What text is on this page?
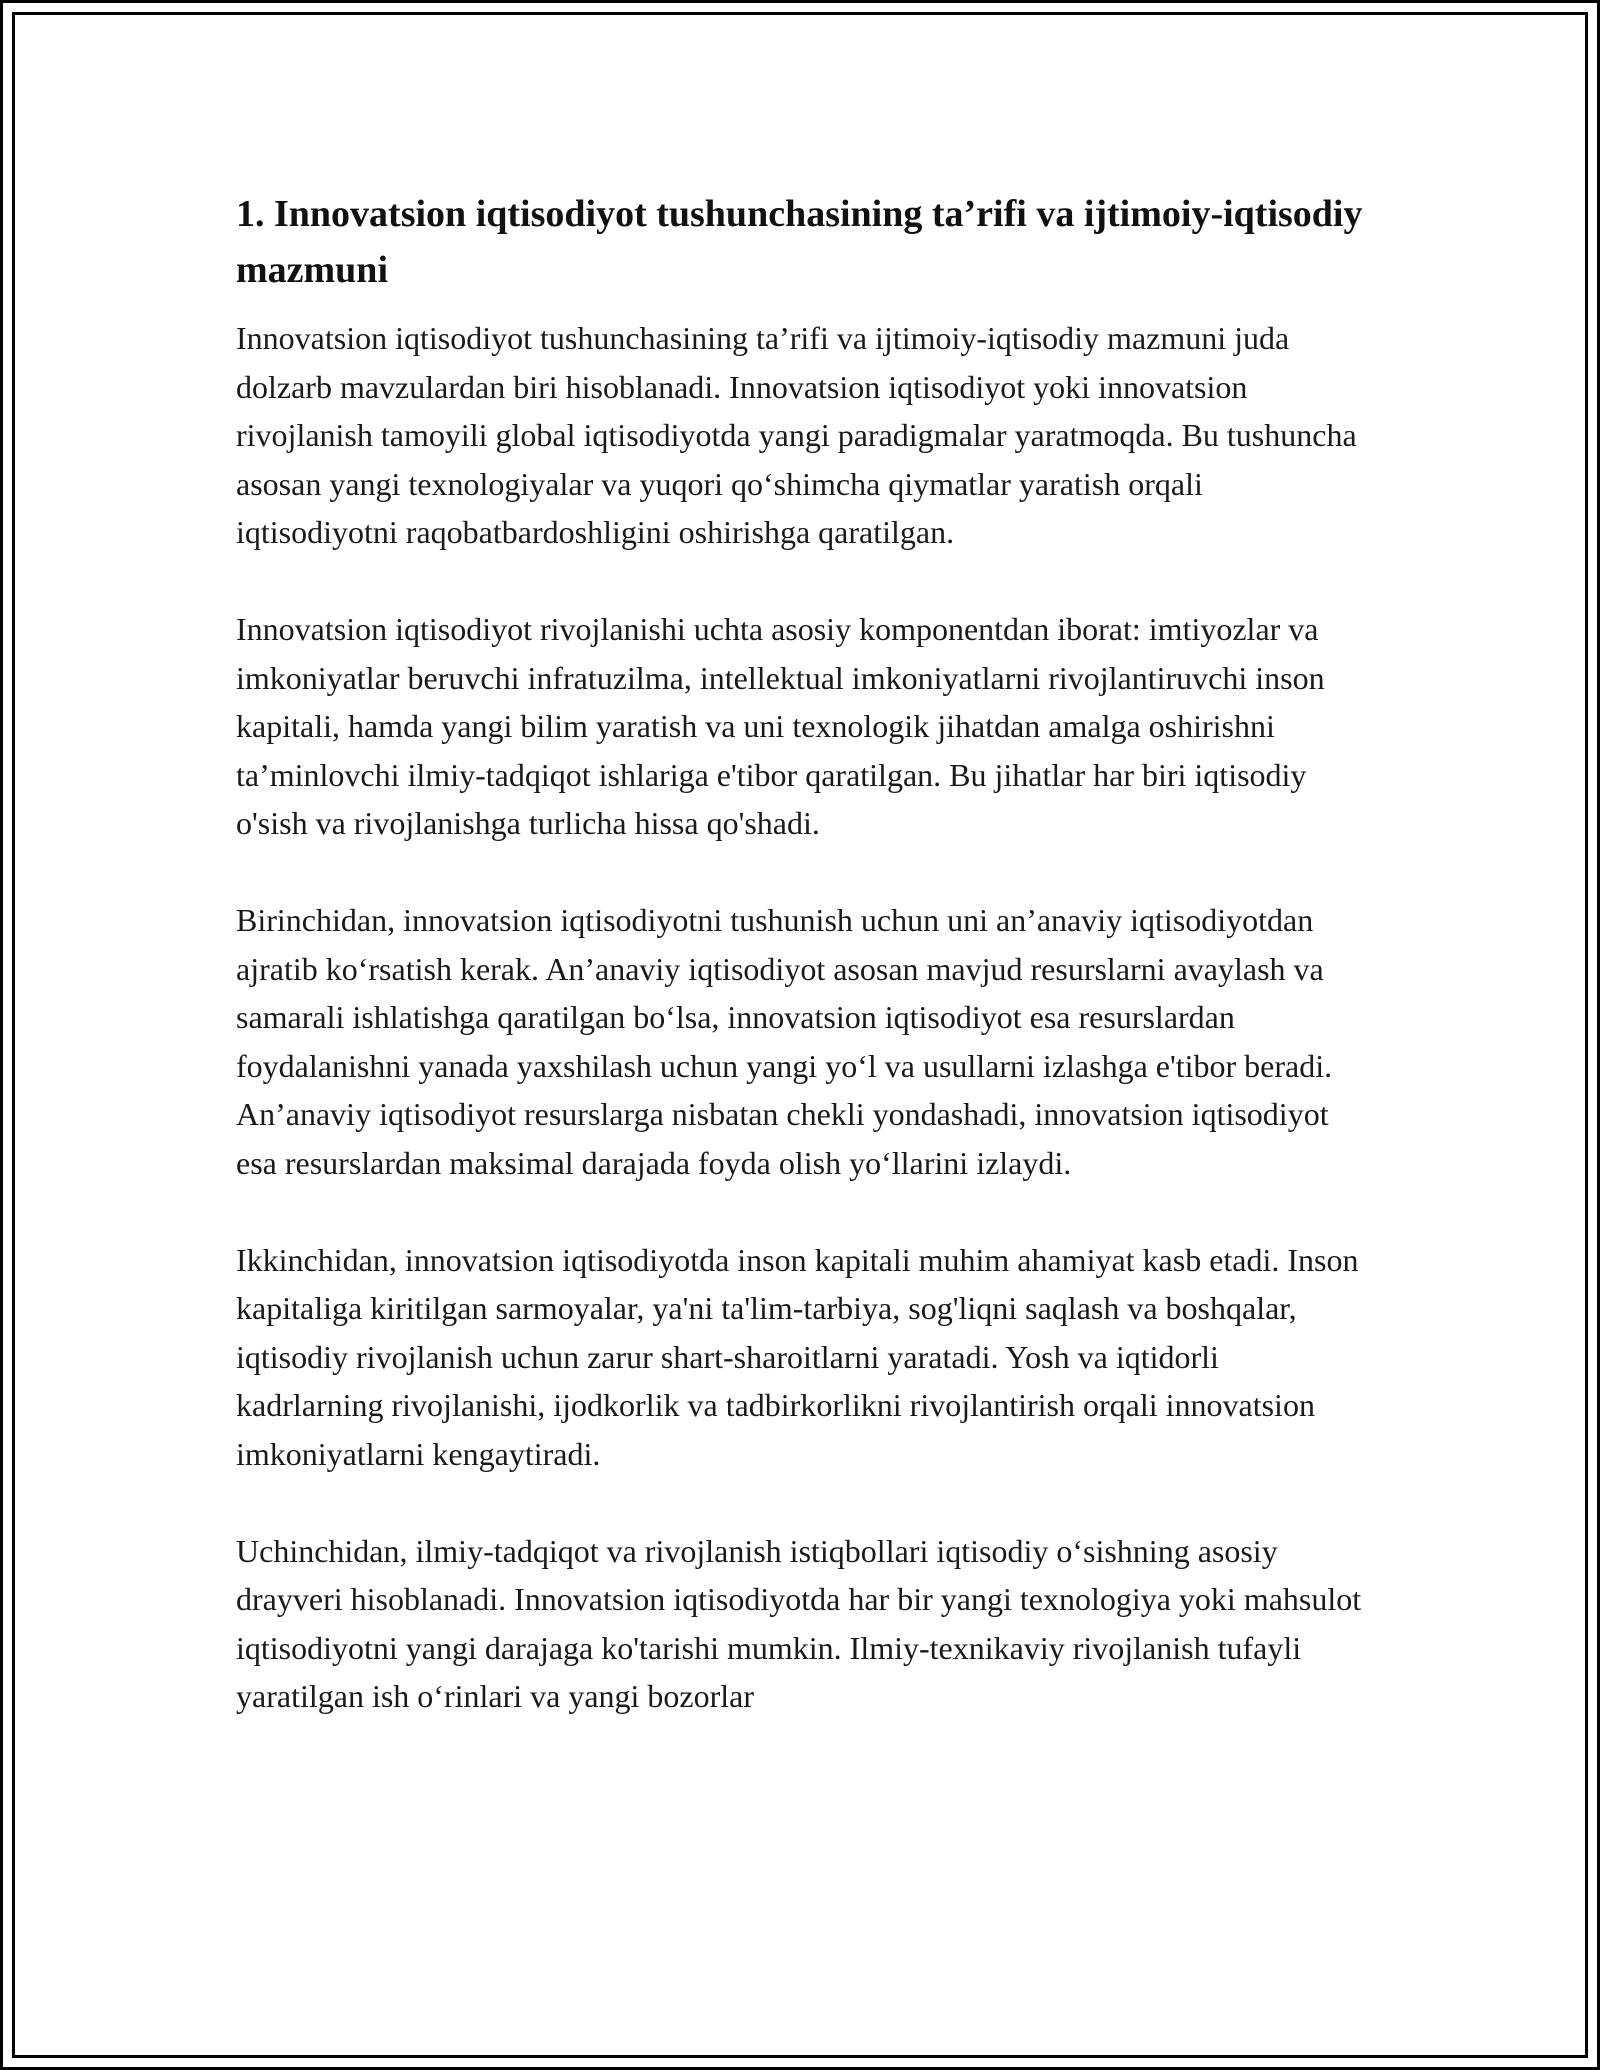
1. Innovatsion iqtisodiyot tushunchasining ta’rifi va ijtimoiy-iqtisodiy mazmuni

Innovatsion iqtisodiyot tushunchasining ta’rifi va ijtimoiy-iqtisodiy mazmuni juda dolzarb mavzulardan biri hisoblanadi. Innovatsion iqtisodiyot yoki innovatsion rivojlanish tamoyili global iqtisodiyotda yangi paradigmalar yaratmoqda. Bu tushuncha asosan yangi texnologiyalar va yuqori qo‘shimcha qiymatlar yaratish orqali iqtisodiyotni raqobatbardoshligini oshirishga qaratilgan.

Innovatsion iqtisodiyot rivojlanishi uchta asosiy komponentdan iborat: imtiyozlar va imkoniyatlar beruvchi infratuzilma, intellektual imkoniyatlarni rivojlantiruvchi inson kapitali, hamda yangi bilim yaratish va uni texnologik jihatdan amalga oshirishni ta’minlovchi ilmiy-tadqiqot ishlariga e'tibor qaratilgan. Bu jihatlar har biri iqtisodiy o'sish va rivojlanishga turlicha hissa qo'shadi.

Birinchidan, innovatsion iqtisodiyotni tushunish uchun uni an’anaviy iqtisodiyotdan ajratib ko‘rsatish kerak. An’anaviy iqtisodiyot asosan mavjud resurslarni avaylash va samarali ishlatishga qaratilgan bo‘lsa, innovatsion iqtisodiyot esa resurslardan foydalanishni yanada yaxshilash uchun yangi yo‘l va usullarni izlashga e'tibor beradi. An’anaviy iqtisodiyot resurslarga nisbatan chekli yondashadi, innovatsion iqtisodiyot esa resurslardan maksimal darajada foyda olish yo‘llarini izlaydi.

Ikkinchidan, innovatsion iqtisodiyotda inson kapitali muhim ahamiyat kasb etadi. Inson kapitaliga kiritilgan sarmoyalar, ya'ni ta'lim-tarbiya, sog'liqni saqlash va boshqalar, iqtisodiy rivojlanish uchun zarur shart-sharoitlarni yaratadi. Yosh va iqtidorli kadrlarning rivojlanishi, ijodkorlik va tadbirkorlikni rivojlantirish orqali innovatsion imkoniyatlarni kengaytiradi.

Uchinchidan, ilmiy-tadqiqot va rivojlanish istiqbollari iqtisodiy o‘sishning asosiy drayveri hisoblanadi. Innovatsion iqtisodiyotda har bir yangi texnologiya yoki mahsulot iqtisodiyotni yangi darajaga ko'tarishi mumkin. Ilmiy-texnikaviy rivojlanish tufayli yaratilgan ish o‘rinlari va yangi bozorlar
